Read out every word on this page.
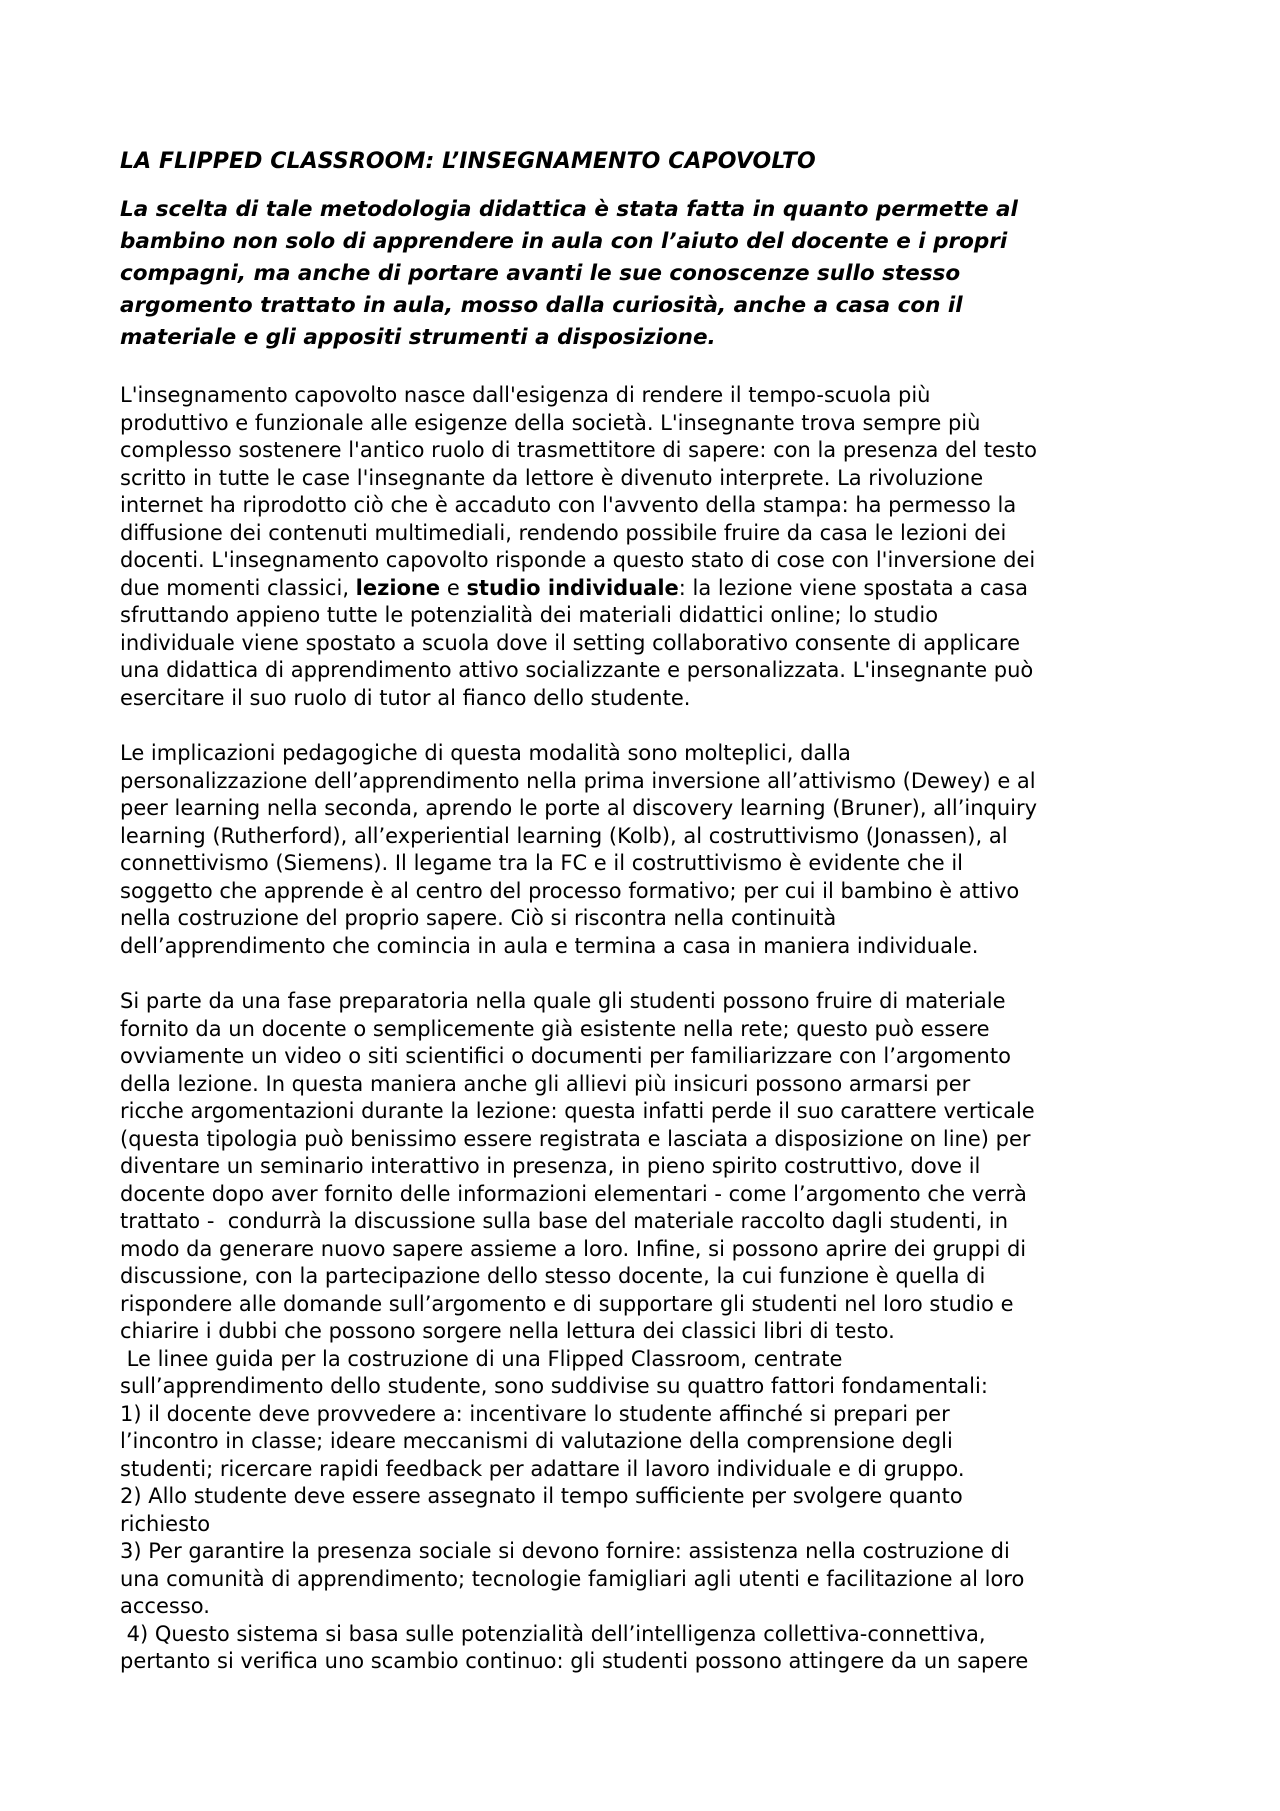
LA FLIPPED CLASSROOM: L’INSEGNAMENTO CAPOVOLTO
La scelta di tale metodologia didattica è stata fatta in quanto permette al
bambino non solo di apprendere in aula con l’aiuto del docente e i propri
compagni, ma anche di portare avanti le sue conoscenze sullo stesso
argomento trattato in aula, mosso dalla curiosità, anche a casa con il
materiale e gli appositi strumenti a disposizione.
L'insegnamento capovolto nasce dall'esigenza di rendere il tempo-scuola più
produttivo e funzionale alle esigenze della società. L'insegnante trova sempre più
complesso sostenere l'antico ruolo di trasmettitore di sapere: con la presenza del testo
scritto in tutte le case l'insegnante da lettore è divenuto interprete. La rivoluzione
internet ha riprodotto ciò che è accaduto con l'avvento della stampa: ha permesso la
diffusione dei contenuti multimediali, rendendo possibile fruire da casa le lezioni dei
docenti. L'insegnamento capovolto risponde a questo stato di cose con l'inversione dei
due momenti classici, lezione e studio individuale: la lezione viene spostata a casa
sfruttando appieno tutte le potenzialità dei materiali didattici online; lo studio
individuale viene spostato a scuola dove il setting collaborativo consente di applicare
una didattica di apprendimento attivo socializzante e personalizzata. L'insegnante può
esercitare il suo ruolo di tutor al fianco dello studente.
Le implicazioni pedagogiche di questa modalità sono molteplici, dalla
personalizzazione dell’apprendimento nella prima inversione all’attivismo (Dewey) e al
peer learning nella seconda, aprendo le porte al discovery learning (Bruner), all’inquiry
learning (Rutherford), all’experiential learning (Kolb), al costruttivismo (Jonassen), al
connettivismo (Siemens). Il legame tra la FC e il costruttivismo è evidente che il
soggetto che apprende è al centro del processo formativo; per cui il bambino è attivo
nella costruzione del proprio sapere. Ciò si riscontra nella continuità
dell’apprendimento che comincia in aula e termina a casa in maniera individuale.
Si parte da una fase preparatoria nella quale gli studenti possono fruire di materiale
fornito da un docente o semplicemente già esistente nella rete; questo può essere
ovviamente un video o siti scientifici o documenti per familiarizzare con l’argomento
della lezione. In questa maniera anche gli allievi più insicuri possono armarsi per
ricche argomentazioni durante la lezione: questa infatti perde il suo carattere verticale
(questa tipologia può benissimo essere registrata e lasciata a disposizione on line) per
diventare un seminario interattivo in presenza, in pieno spirito costruttivo, dove il
docente dopo aver fornito delle informazioni elementari - come l’argomento che verrà
trattato -  condurrà la discussione sulla base del materiale raccolto dagli studenti, in
modo da generare nuovo sapere assieme a loro. Infine, si possono aprire dei gruppi di
discussione, con la partecipazione dello stesso docente, la cui funzione è quella di
rispondere alle domande sull’argomento e di supportare gli studenti nel loro studio e
chiarire i dubbi che possono sorgere nella lettura dei classici libri di testo.
Le linee guida per la costruzione di una Flipped Classroom, centrate
sull’apprendimento dello studente, sono suddivise su quattro fattori fondamentali:
1) il docente deve provvedere a: incentivare lo studente affinché si prepari per
l’incontro in classe; ideare meccanismi di valutazione della comprensione degli
studenti; ricercare rapidi feedback per adattare il lavoro individuale e di gruppo.
2) Allo studente deve essere assegnato il tempo sufficiente per svolgere quanto
richiesto
3) Per garantire la presenza sociale si devono fornire: assistenza nella costruzione di
una comunità di apprendimento; tecnologie famigliari agli utenti e facilitazione al loro
accesso.
4) Questo sistema si basa sulle potenzialità dell’intelligenza collettiva-connettiva,
pertanto si verifica uno scambio continuo: gli studenti possono attingere da un sapere
